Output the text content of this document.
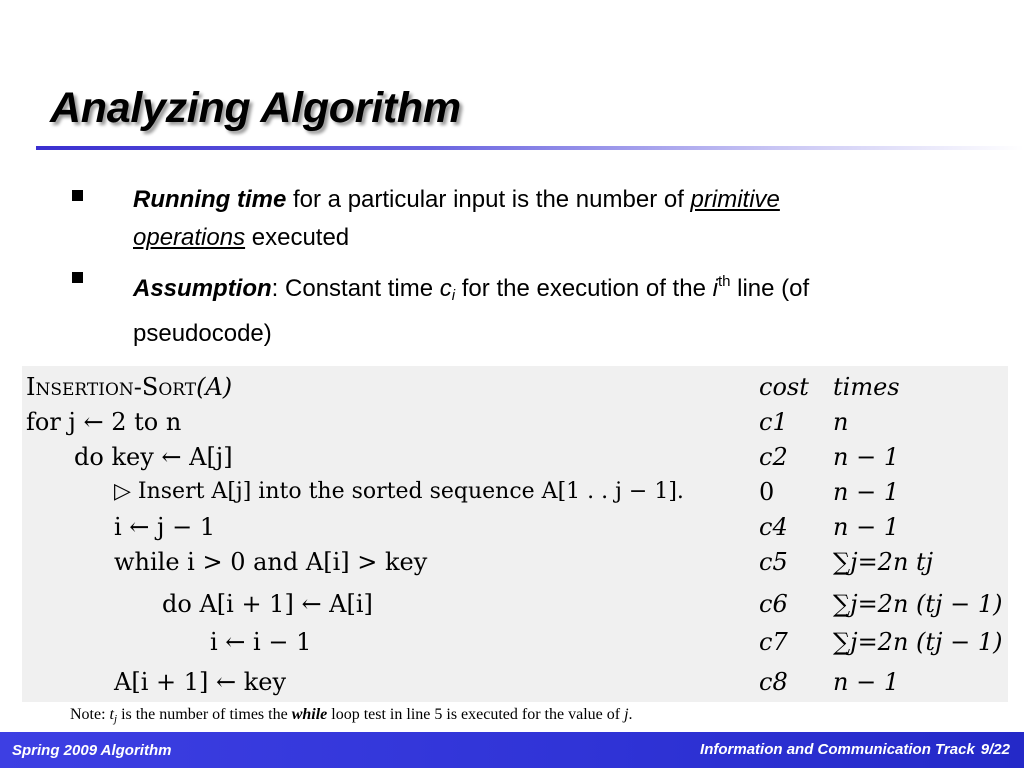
Analyzing Algorithm
Running time for a particular input is the number of primitive
operations executed
Assumption: Constant time $c_i$ for the execution of the $i^{th}$ line (of
pseudocode)
Insertion-Sort(A)	cost times
for j ← 2 to n	c1 n
do key ← A[j]	c2 n − 1
▷ Insert A[j] into the sorted sequence A[1 . . j − 1].	0 n − 1
i ← j − 1	c4 n − 1
while i > 0 and A[i] > key	c5 ∑j=2n tj
do A[i + 1] ← A[i]	c6 ∑j=2n (tj − 1)
i ← i − 1	c7 ∑j=2n (tj − 1)
A[i + 1] ← key	c8 n − 1
Note: $t_j$ is the number of times the while loop test in line 5 is executed for the value of j.
Spring 2009 Algorithm	Information and Communication Track 9/22
